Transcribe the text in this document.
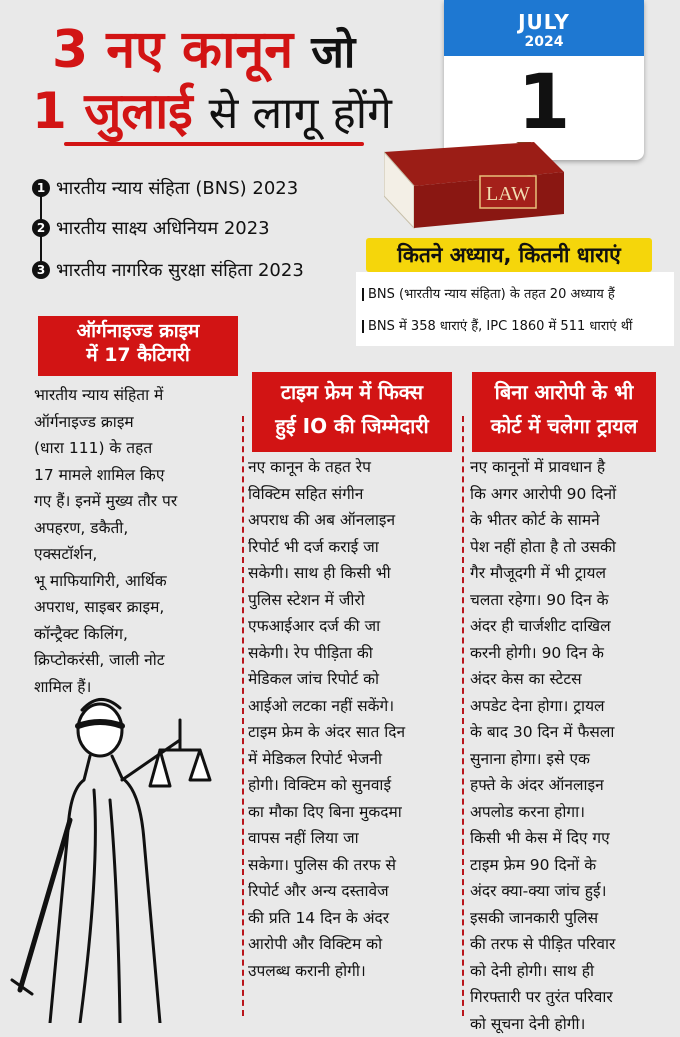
3 नए कानून जो
1 जुलाई से लागू होंगे
JULY
2024
1
LAW
1 भारतीय न्याय संहिता (BNS) 2023
2 भारतीय साक्ष्य अधिनियम 2023
3 भारतीय नागरिक सुरक्षा संहिता 2023
BNS (भारतीय न्याय संहिता) के तहत 20 अध्याय हैं
BNS में 358 धाराएं हैं, IPC 1860 में 511 धाराएं थीं
कितने अध्याय, कितनी धाराएं
ऑर्गनाइज्ड क्राइम
में 17 कैटिगरी
भारतीय न्याय संहिता में
ऑर्गनाइज्ड क्राइम
(धारा 111) के तहत
17 मामले शामिल किए
गए हैं। इनमें मुख्य तौर पर
अपहरण, डकैती,
एक्सटॉर्शन,
भू माफियागिरी, आर्थिक
अपराध, साइबर क्राइम,
कॉन्ट्रैक्ट किलिंग,
क्रिप्टोकरंसी, जाली नोट
शामिल हैं।
टाइम फ्रेम में फिक्स
हुई IO की जिम्मेदारी
नए कानून के तहत रेप
विक्टिम सहित संगीन
अपराध की अब ऑनलाइन
रिपोर्ट भी दर्ज कराई जा
सकेगी। साथ ही किसी भी
पुलिस स्टेशन में जीरो
एफआईआर दर्ज की जा
सकेगी। रेप पीड़िता की
मेडिकल जांच रिपोर्ट को
आईओ लटका नहीं सकेंगे।
टाइम फ्रेम के अंदर सात दिन
में मेडिकल रिपोर्ट भेजनी
होगी। विक्टिम को सुनवाई
का मौका दिए बिना मुकदमा
वापस नहीं लिया जा
सकेगा। पुलिस की तरफ से
रिपोर्ट और अन्य दस्तावेज
की प्रति 14 दिन के अंदर
आरोपी और विक्टिम को
उपलब्ध करानी होगी।
बिना आरोपी के भी
कोर्ट में चलेगा ट्रायल
नए कानूनों में प्रावधान है
कि अगर आरोपी 90 दिनों
के भीतर कोर्ट के सामने
पेश नहीं होता है तो उसकी
गैर मौजूदगी में भी ट्रायल
चलता रहेगा। 90 दिन के
अंदर ही चार्जशीट दाखिल
करनी होगी। 90 दिन के
अंदर केस का स्टेटस
अपडेट देना होगा। ट्रायल
के बाद 30 दिन में फैसला
सुनाना होगा। इसे एक
हफ्ते के अंदर ऑनलाइन
अपलोड करना होगा।
किसी भी केस में दिए गए
टाइम फ्रेम 90 दिनों के
अंदर क्या-क्या जांच हुई।
इसकी जानकारी पुलिस
की तरफ से पीड़ित परिवार
को देनी होगी। साथ ही
गिरफ्तारी पर तुरंत परिवार
को सूचना देनी होगी।
